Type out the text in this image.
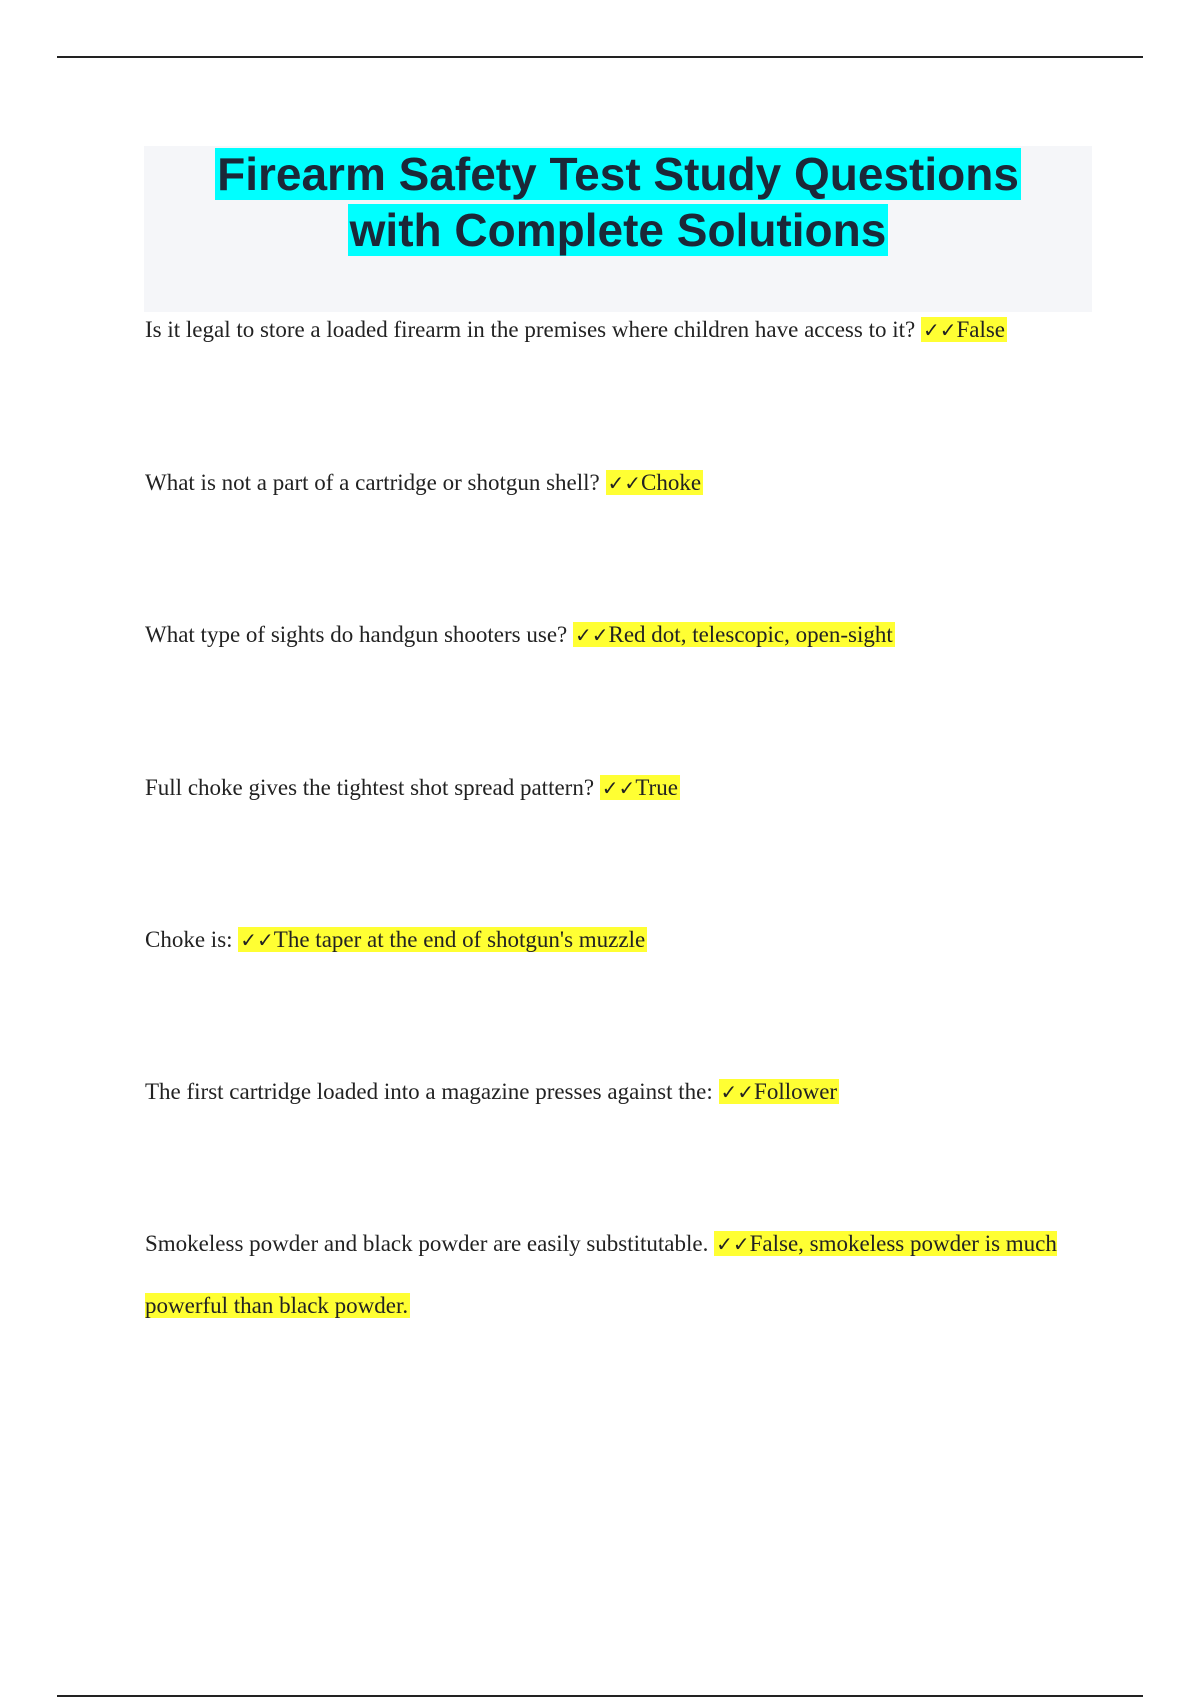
Firearm Safety Test Study Questions
with Complete Solutions

Is it legal to store a loaded firearm in the premises where children have access to it? ✓✓False

What is not a part of a cartridge or shotgun shell? ✓✓Choke

What type of sights do handgun shooters use? ✓✓Red dot, telescopic, open-sight

Full choke gives the tightest shot spread pattern? ✓✓True

Choke is: ✓✓The taper at the end of shotgun's muzzle

The first cartridge loaded into a magazine presses against the: ✓✓Follower

Smokeless powder and black powder are easily substitutable. ✓✓False, smokeless powder is much powerful than black powder.
